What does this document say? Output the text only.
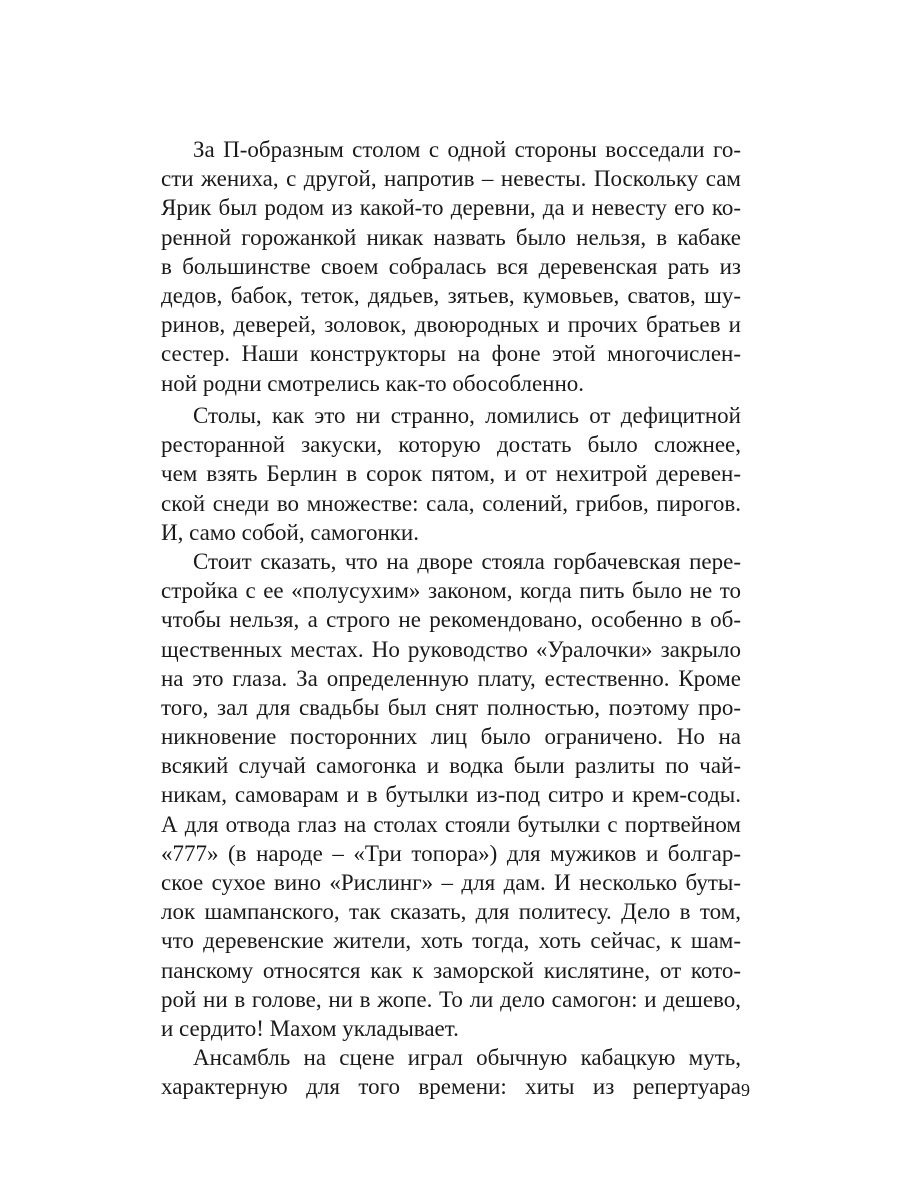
За П-образным столом с одной стороны восседали го-
сти жениха, с другой, напротив – невесты. Поскольку сам
Ярик был родом из какой-то деревни, да и невесту его ко-
ренной горожанкой никак назвать было нельзя, в кабаке
в большинстве своем собралась вся деревенская рать из
дедов, бабок, теток, дядьев, зятьев, кумовьев, сватов, шу-
ринов, деверей, золовок, двоюродных и прочих братьев и
сестер. Наши конструкторы на фоне этой многочислен-
ной родни смотрелись как-то обособленно.
Столы, как это ни странно, ломились от дефицитной
ресторанной закуски, которую достать было сложнее,
чем взять Берлин в сорок пятом, и от нехитрой деревен-
ской снеди во множестве: сала, солений, грибов, пирогов.
И, само собой, самогонки.
Стоит сказать, что на дворе стояла горбачевская пере-
стройка с ее «полусухим» законом, когда пить было не то
чтобы нельзя, а строго не рекомендовано, особенно в об-
щественных местах. Но руководство «Уралочки» закрыло
на это глаза. За определенную плату, естественно. Кроме
того, зал для свадьбы был снят полностью, поэтому про-
никновение посторонних лиц было ограничено. Но на
всякий случай самогонка и водка были разлиты по чай-
никам, самоварам и в бутылки из-под ситро и крем-соды.
А для отвода глаз на столах стояли бутылки с портвейном
«777» (в народе – «Три топора») для мужиков и болгар-
ское сухое вино «Рислинг» – для дам. И несколько буты-
лок шампанского, так сказать, для политесу. Дело в том,
что деревенские жители, хоть тогда, хоть сейчас, к шам-
панскому относятся как к заморской кислятине, от кото-
рой ни в голове, ни в жопе. То ли дело самогон: и дешево,
и сердито! Махом укладывает.
Ансамбль на сцене играл обычную кабацкую муть,
характерную для того времени: хиты из репертуара 9
